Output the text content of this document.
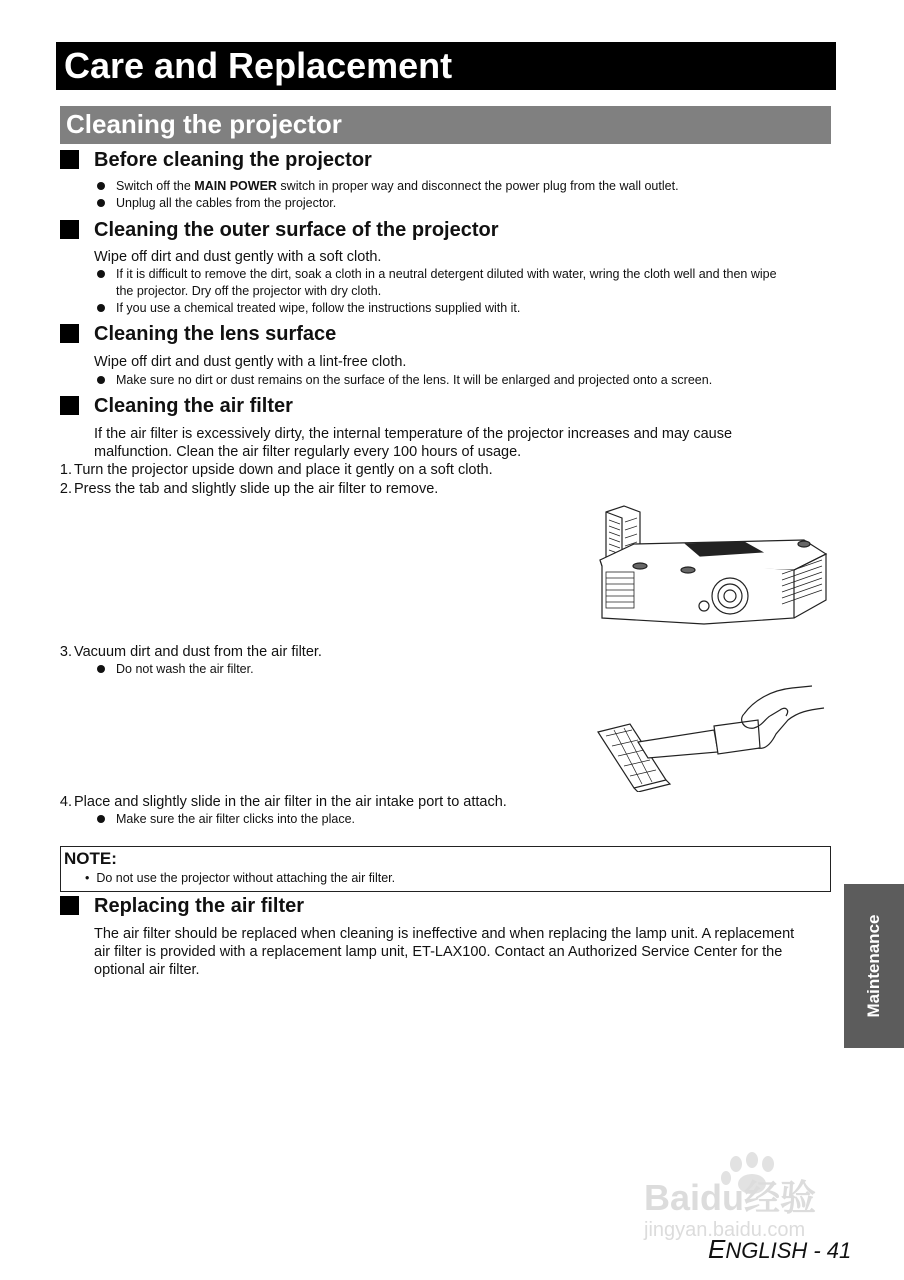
Care and Replacement
Cleaning the projector
Before cleaning the projector
Switch off the MAIN POWER switch in proper way and disconnect the power plug from the wall outlet.
Unplug all the cables from the projector.
Cleaning the outer surface of the projector
Wipe off dirt and dust gently with a soft cloth.
If it is difficult to remove the dirt, soak a cloth in a neutral detergent diluted with water, wring the cloth well and then wipe
the projector. Dry off the projector with dry cloth.
If you use a chemical treated wipe, follow the instructions supplied with it.
Cleaning the lens surface
Wipe off dirt and dust gently with a lint-free cloth.
Make sure no dirt or dust remains on the surface of the lens. It will be enlarged and projected onto a screen.
Cleaning the air filter
If the air filter is excessively dirty, the internal temperature of the projector increases and may cause
malfunction. Clean the air filter regularly every 100 hours of usage.
1. Turn the projector upside down and place it gently on a soft cloth.
2. Press the tab and slightly slide up the air filter to remove.
3. Vacuum dirt and dust from the air filter.
Do not wash the air filter.
4. Place and slightly slide in the air filter in the air intake port to attach.
Make sure the air filter clicks into the place.
NOTE:
•  Do not use the projector without attaching the air filter.
Replacing the air filter
The air filter should be replaced when cleaning is ineffective and when replacing the lamp unit. A replacement
air filter is provided with a replacement lamp unit, ET-LAX100. Contact an Authorized Service Center for the
optional air filter.	Maintenance
Baidu经验
jingyan.baidu.com
ENGLISH - 41
